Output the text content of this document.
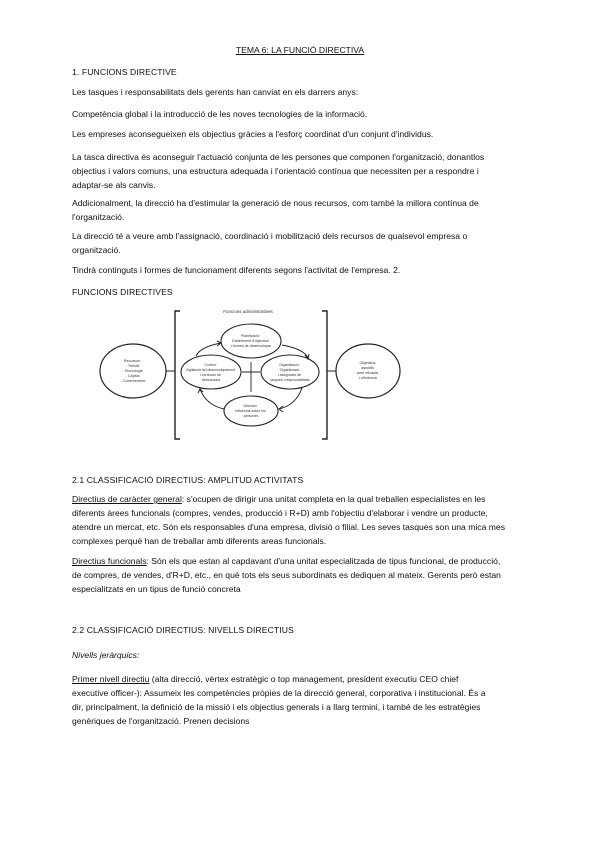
TEMA 6: LA FUNCIÓ DIRECTIVA
1. FUNCIONS DIRECTIVE
Les tasques i responsabilitats dels gerents han canviat en els darrers anys:
Competència global i la introducció de les noves tecnologies de la informació.
Les empreses aconsegueixen els objectius gràcies a l'esforç coordinat d'un conjunt d'individus.
La tasca directiva és aconseguir l'actuació conjunta de les persones que componen l'organització, donantlos
objectius i valors comuns, una estructura adequada i l'orientació contínua que necessiten per a respondre i
adaptar-se als canvis.
Addicionalment, la direcció ha d'estimular la generació de nous recursos, com també la millora contínua de
l'organització.
La direcció té a veure amb l'assignació, coordinació i mobilització dels recursos de qualsevol empresa o
organització.
Tindrà continguts i formes de funcionament diferents segons l'activitat de l'empresa. 2.
FUNCIONS DIRECTIVES
Funcions administratives
Recursos: - Treball - Tecnologia - Capital - Coneixement
Objectius assolits amb eficàcia i eficiència
Planificació: Establiment d'objectius i formes de desenvolupar
Control: Vigilància del desenvolupament i correcció de desviacions
Organització: Organització i assignació de tasques i responsabilitats
Direcció: Influència sobre les persones
2.1 CLASSIFICACIÓ DIRECTIUS: AMPLITUD ACTIVITATS
Directius de caràcter general: s'ocupen de dirigir una unitat completa en la qual treballen especialistes en les
diferents àrees funcionals (compres, vendes, producció i R+D) amb l'objectiu d'elaborar i vendre un producte,
atendre un mercat, etc. Són els responsables d'una empresa, divisió o filial. Les seves tasques son una mica mes
complexes perquè han de treballar amb diferents areas funcionals.
Directius funcionals: Són els que estan al capdavant d'una unitat especialitzada de tipus funcional, de producció,
de compres, de vendes, d'R+D, etc., en què tots els seus subordinats es dediquen al mateix. Gerents però estan
especialitzats en un tipus de funció concreta
2.2 CLASSIFICACIÓ DIRECTIUS: NIVELLS DIRECTIUS
Nivells jeràrquics:
Primer nivell directiu (alta direcció, vèrtex estratègic o top management, president executiu CEO chief
executive officer-): Assumeix les competències pròpies de la direcció general, corporativa i institucional. És a
dir, principalment, la definició de la missió i els objectius generals i a llarg termini, i també de les estratègies
genèriques de l'organització. Prenen decisions
